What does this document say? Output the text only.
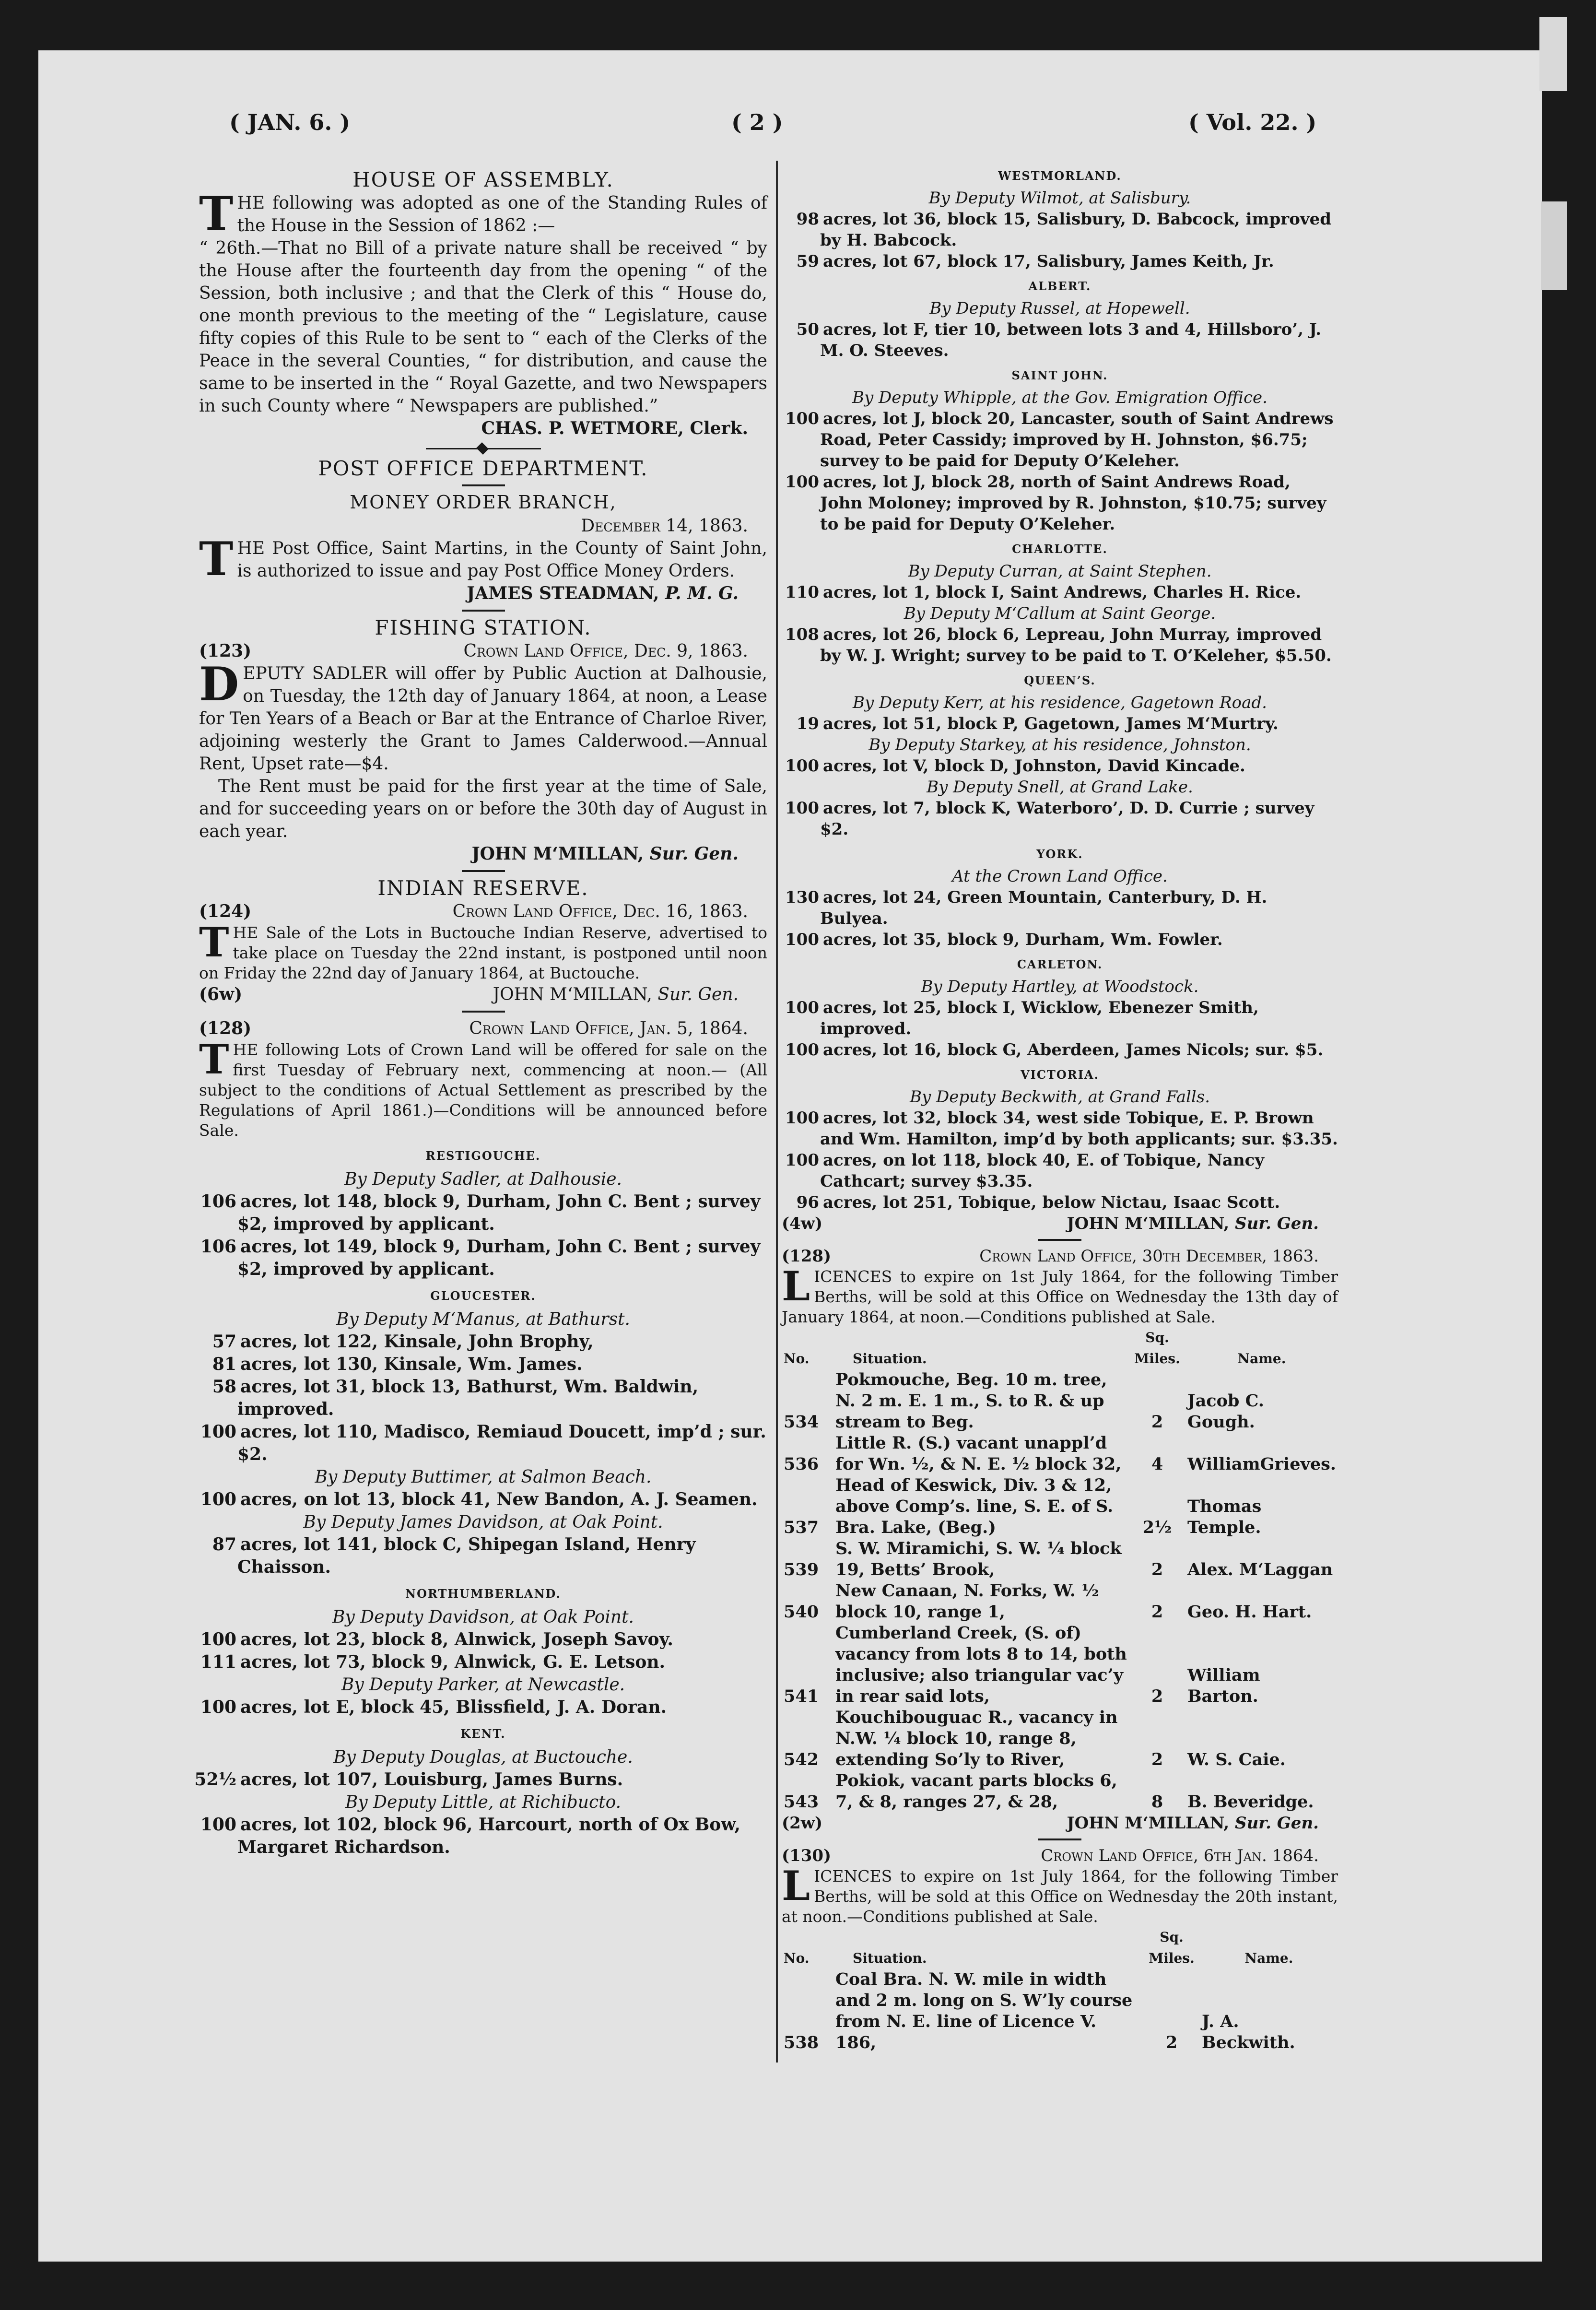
( JAN. 6. )	( 2 )	( Vol. 22. )
HOUSE OF ASSEMBLY.
T HE following was adopted as one of the Standing Rules of the House in the Session of 1862 :—
“ 26th.—That no Bill of a private nature shall be received “ by the House after the fourteenth day from the opening “ of the Session, both inclusive ; and that the Clerk of this “ House do, one month previous to the meeting of the “ Legislature, cause fifty copies of this Rule to be sent to “ each of the Clerks of the Peace in the several Counties, “ for distribution, and cause the same to be inserted in the “ Royal Gazette, and two Newspapers in such County where “ Newspapers are published.”
CHAS. P. WETMORE, Clerk.
POST OFFICE DEPARTMENT.
MONEY ORDER BRANCH,
December 14, 1863.
T HE Post Office, Saint Martins, in the County of Saint John, is authorized to issue and pay Post Office Money Orders.
JAMES STEADMAN, P. M. G.
FISHING STATION.
(123)	Crown Land Office, Dec. 9, 1863.
D EPUTY SADLER will offer by Public Auction at Dalhousie, on Tuesday, the 12th day of January 1864, at noon, a Lease for Ten Years of a Beach or Bar at the Entrance of Charloe River, adjoining westerly the Grant to James Calderwood.—Annual Rent, Upset rate—$4.
The Rent must be paid for the first year at the time of Sale, and for succeeding years on or before the 30th day of August in each year.
JOHN M‘MILLAN, Sur. Gen.
INDIAN RESERVE.
(124)	Crown Land Office, Dec. 16, 1863.
T HE Sale of the Lots in Buctouche Indian Reserve, advertised to take place on Tuesday the 22nd instant, is postponed until noon on Friday the 22nd day of January 1864, at Buctouche.
(6w)	JOHN M‘MILLAN, Sur. Gen.
(128)	Crown Land Office, Jan. 5, 1864.
T HE following Lots of Crown Land will be offered for sale on the first Tuesday of February next, commencing at noon.— (All subject to the conditions of Actual Settlement as prescribed by the Regulations of April 1861.)—Conditions will be announced before Sale.
RESTIGOUCHE.
By Deputy Sadler, at Dalhousie.
106 acres, lot 148, block 9, Durham, John C. Bent ; survey $2, improved by applicant.
106 acres, lot 149, block 9, Durham, John C. Bent ; survey $2, improved by applicant.
GLOUCESTER.
By Deputy M‘Manus, at Bathurst.
57 acres, lot 122, Kinsale, John Brophy,
81 acres, lot 130, Kinsale, Wm. James.
58 acres, lot 31, block 13, Bathurst, Wm. Baldwin, improved.
100 acres, lot 110, Madisco, Remiaud Doucett, imp’d ; sur. $2.
By Deputy Buttimer, at Salmon Beach.
100 acres, on lot 13, block 41, New Bandon, A. J. Seamen.
By Deputy James Davidson, at Oak Point.
87 acres, lot 141, block C, Shipegan Island, Henry Chaisson.
NORTHUMBERLAND.
By Deputy Davidson, at Oak Point.
100 acres, lot 23, block 8, Alnwick, Joseph Savoy.
111 acres, lot 73, block 9, Alnwick, G. E. Letson.
By Deputy Parker, at Newcastle.
100 acres, lot E, block 45, Blissfield, J. A. Doran.
KENT.
By Deputy Douglas, at Buctouche.
52½ acres, lot 107, Louisburg, James Burns.
By Deputy Little, at Richibucto.
100 acres, lot 102, block 96, Harcourt, north of Ox Bow, Margaret Richardson.
WESTMORLAND.
By Deputy Wilmot, at Salisbury.
98 acres, lot 36, block 15, Salisbury, D. Babcock, improved by H. Babcock.
59 acres, lot 67, block 17, Salisbury, James Keith, Jr.
ALBERT.
By Deputy Russel, at Hopewell.
50 acres, lot F, tier 10, between lots 3 and 4, Hillsboro’, J. M. O. Steeves.
SAINT JOHN.
By Deputy Whipple, at the Gov. Emigration Office.
100 acres, lot J, block 20, Lancaster, south of Saint Andrews Road, Peter Cassidy; improved by H. Johnston, $6.75; survey to be paid for Deputy O’Keleher.
100 acres, lot J, block 28, north of Saint Andrews Road, John Moloney; improved by R. Johnston, $10.75; survey to be paid for Deputy O’Keleher.
CHARLOTTE.
By Deputy Curran, at Saint Stephen.
110 acres, lot 1, block I, Saint Andrews, Charles H. Rice.
By Deputy M‘Callum at Saint George.
108 acres, lot 26, block 6, Lepreau, John Murray, improved by W. J. Wright; survey to be paid to T. O’Keleher, $5.50.
QUEEN’S.
By Deputy Kerr, at his residence, Gagetown Road.
19 acres, lot 51, block P, Gagetown, James M‘Murtry.
By Deputy Starkey, at his residence, Johnston.
100 acres, lot V, block D, Johnston, David Kincade.
By Deputy Snell, at Grand Lake.
100 acres, lot 7, block K, Waterboro’, D. D. Currie ; survey $2.
YORK.
At the Crown Land Office.
130 acres, lot 24, Green Mountain, Canterbury, D. H. Bulyea.
100 acres, lot 35, block 9, Durham, Wm. Fowler.
CARLETON.
By Deputy Hartley, at Woodstock.
100 acres, lot 25, block I, Wicklow, Ebenezer Smith, improved.
100 acres, lot 16, block G, Aberdeen, James Nicols; sur. $5.
VICTORIA.
By Deputy Beckwith, at Grand Falls.
100 acres, lot 32, block 34, west side Tobique, E. P. Brown and Wm. Hamilton, imp’d by both applicants; sur. $3.35.
100 acres, on lot 118, block 40, E. of Tobique, Nancy Cathcart; survey $3.35.
96 acres, lot 251, Tobique, below Nictau, Isaac Scott.
(4w)	JOHN M‘MILLAN, Sur. Gen.
(128)	Crown Land Office, 30th December, 1863.
L ICENCES to expire on 1st July 1864, for the following Timber Berths, will be sold at this Office on Wednesday the 13th day of January 1864, at noon.—Conditions published at Sale.
No.	Situation.	Sq. Miles.	Name.
534	Pokmouche, Beg. 10 m. tree, N. 2 m. E. 1 m., S. to R. & up stream to Beg.	2	Jacob C. Gough.
536	Little R. (S.) vacant unappl’d for Wn. ½, & N. E. ½ block 32,	4	WilliamGrieves.
537	Head of Keswick, Div. 3 & 12, above Comp’s. line, S. E. of S. Bra. Lake, (Beg.)	2½	Thomas Temple.
539	S. W. Miramichi, S. W. ¼ block 19, Betts’ Brook,	2	Alex. M‘Laggan
540	New Canaan, N. Forks, W. ½ block 10, range 1,	2	Geo. H. Hart.
541	Cumberland Creek, (S. of) vacancy from lots 8 to 14, both inclusive; also triangular vac’y in rear said lots,	2	William Barton.
542	Kouchibouguac R., vacancy in N.W. ¼ block 10, range 8, extending So’ly to River,	2	W. S. Caie.
543	Pokiok, vacant parts blocks 6, 7, & 8, ranges 27, & 28,	8	B. Beveridge.
(2w)	JOHN M‘MILLAN, Sur. Gen.
(130)	Crown Land Office, 6th Jan. 1864.
L ICENCES to expire on 1st July 1864, for the following Timber Berths, will be sold at this Office on Wednesday the 20th instant, at noon.—Conditions published at Sale.
No.	Situation.	Sq. Miles.	Name.
538	Coal Bra. N. W. mile in width and 2 m. long on S. W’ly course from N. E. line of Licence V. 186,	2	J. A. Beckwith.
